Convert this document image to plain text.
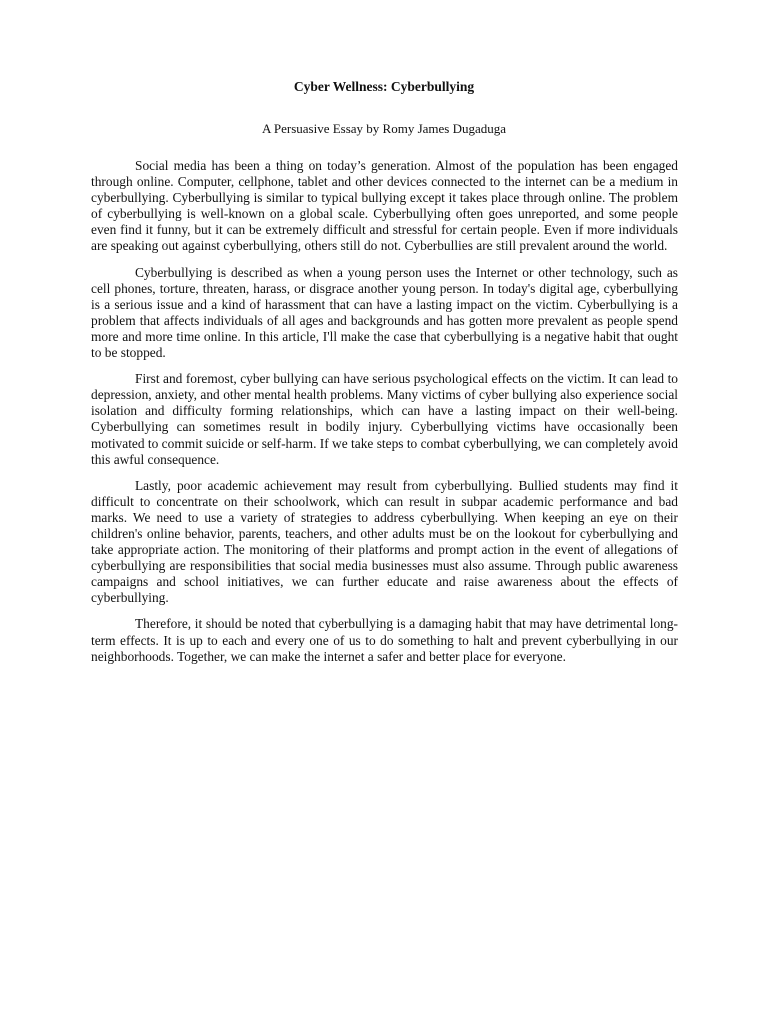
Cyber Wellness: Cyberbullying
A Persuasive Essay by Romy James Dugaduga

Social media has been a thing on today’s generation. Almost of the population has been engaged through online. Computer, cellphone, tablet and other devices connected to the internet can be a medium in cyberbullying. Cyberbullying is similar to typical bullying except it takes place through online. The problem of cyberbullying is well-known on a global scale. Cyberbullying often goes unreported, and some people even find it funny, but it can be extremely difficult and stressful for certain people. Even if more individuals are speaking out against cyberbullying, others still do not. Cyberbullies are still prevalent around the world.

Cyberbullying is described as when a young person uses the Internet or other technology, such as cell phones, torture, threaten, harass, or disgrace another young person. In today's digital age, cyberbullying is a serious issue and a kind of harassment that can have a lasting impact on the victim. Cyberbullying is a problem that affects individuals of all ages and backgrounds and has gotten more prevalent as people spend more and more time online. In this article, I'll make the case that cyberbullying is a negative habit that ought to be stopped.

First and foremost, cyber bullying can have serious psychological effects on the victim. It can lead to depression, anxiety, and other mental health problems. Many victims of cyber bullying also experience social isolation and difficulty forming relationships, which can have a lasting impact on their well-being. Cyberbullying can sometimes result in bodily injury. Cyberbullying victims have occasionally been motivated to commit suicide or self-harm. If we take steps to combat cyberbullying, we can completely avoid this awful consequence.

Lastly, poor academic achievement may result from cyberbullying. Bullied students may find it difficult to concentrate on their schoolwork, which can result in subpar academic performance and bad marks. We need to use a variety of strategies to address cyberbullying. When keeping an eye on their children's online behavior, parents, teachers, and other adults must be on the lookout for cyberbullying and take appropriate action. The monitoring of their platforms and prompt action in the event of allegations of cyberbullying are responsibilities that social media businesses must also assume. Through public awareness campaigns and school initiatives, we can further educate and raise awareness about the effects of cyberbullying.

Therefore, it should be noted that cyberbullying is a damaging habit that may have detrimental long-term effects. It is up to each and every one of us to do something to halt and prevent cyberbullying in our neighborhoods. Together, we can make the internet a safer and better place for everyone.
